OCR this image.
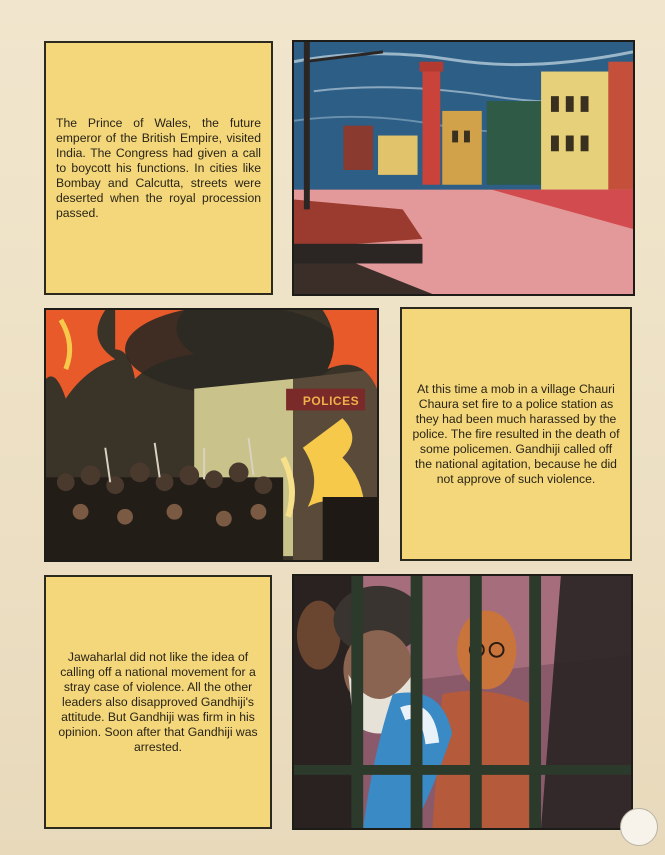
The Prince of Wales, the future emperor of the British Empire, visited India. The Congress had given a call to boycott his functions. In cities like Bombay and Calcutta, streets were deserted when the royal procession passed.

POLICES

At this time a mob in a village Chauri Chaura set fire to a police station as they had been much harassed by the police. The fire resulted in the death of some policemen. Gandhiji called off the national agitation, because he did not approve of such violence.

Jawaharlal did not like the idea of calling off a national movement for a stray case of violence. All the other leaders also disapproved Gandhiji's attitude. But Gandhiji was firm in his opinion. Soon after that Gandhiji was arrested.
